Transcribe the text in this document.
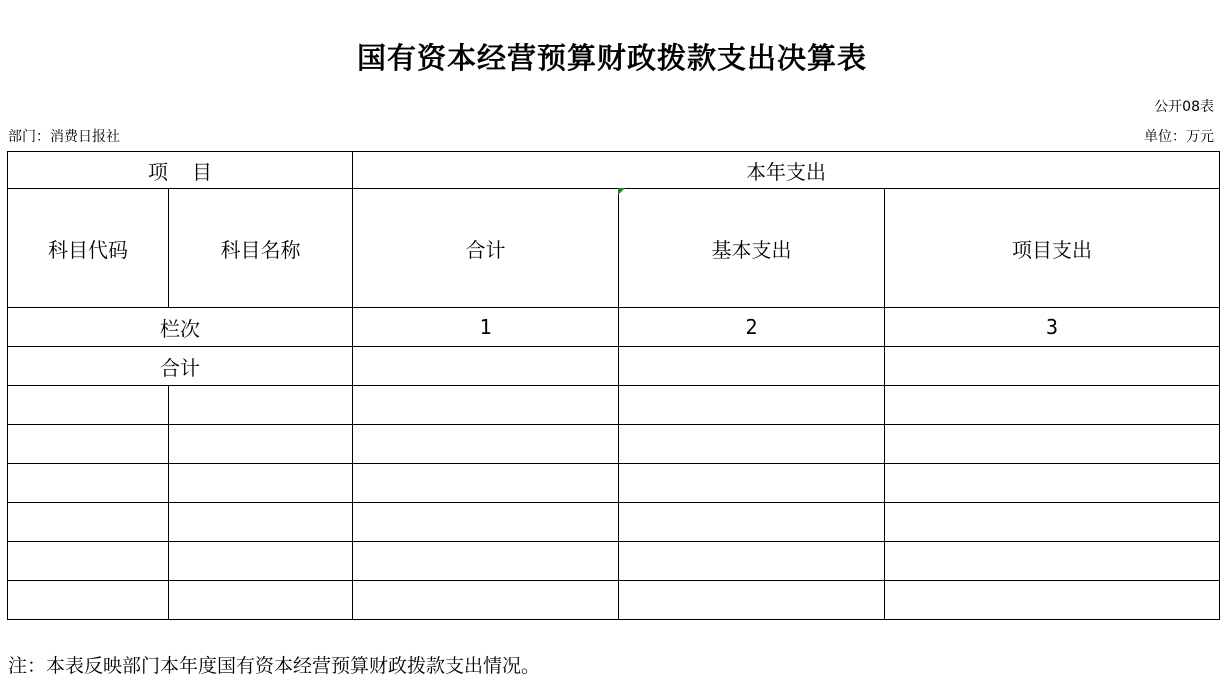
国有资本经营预算财政拨款支出决算表
公开08表
部门：消费日报社	单位：万元
项目		本年支出		
科目代码	科目名称	合计	基本支出	项目支出
栏次		1	2	3
合计				

注：本表反映部门本年度国有资本经营预算财政拨款支出情况。
